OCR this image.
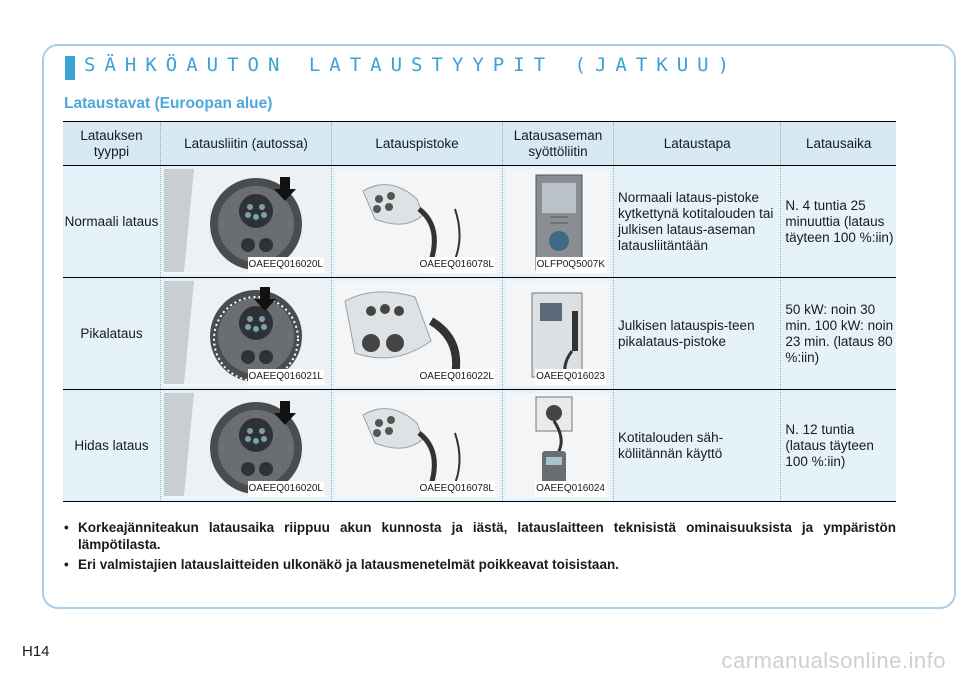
SÄHKÖAUTON LATAUSTYYPIT (JATKUU)
Lataustavat (Euroopan alue)
Latauksen tyyppi	Latausliitin (autossa)	Latauspistoke	Latausaseman syöttöliitin	Lataustapa	Latausaika
Normaali lataus	OAEEQ016020L	OAEEQ016078L	OLFP0Q5007K	Normaali lataus-pistoke kytkettynä kotitalouden tai julkisen lataus-aseman latausliitäntään	N. 4 tuntia 25 minuuttia (lataus täyteen 100 %:iin)
Pikalataus	OAEEQ016021L	OAEEQ016022L	OAEEQ016023	Julkisen latauspis-teen pikalataus-pistoke	50 kW: noin 30 min. 100 kW: noin 23 min. (lataus 80 %:iin)
Hidas lataus	OAEEQ016020L	OAEEQ016078L	OAEEQ016024	Kotitalouden säh-köliitännän käyttö	N. 12 tuntia (lataus täyteen 100 %:iin)
• Korkeajänniteakun latausaika riippuu akun kunnosta ja iästä, latauslaitteen teknisistä ominaisuuksista ja ympäristön lämpötilasta.
• Eri valmistajien latauslaitteiden ulkonäkö ja latausmenetelmät poikkeavat toisistaan.
H14	carmanualsonline.info
